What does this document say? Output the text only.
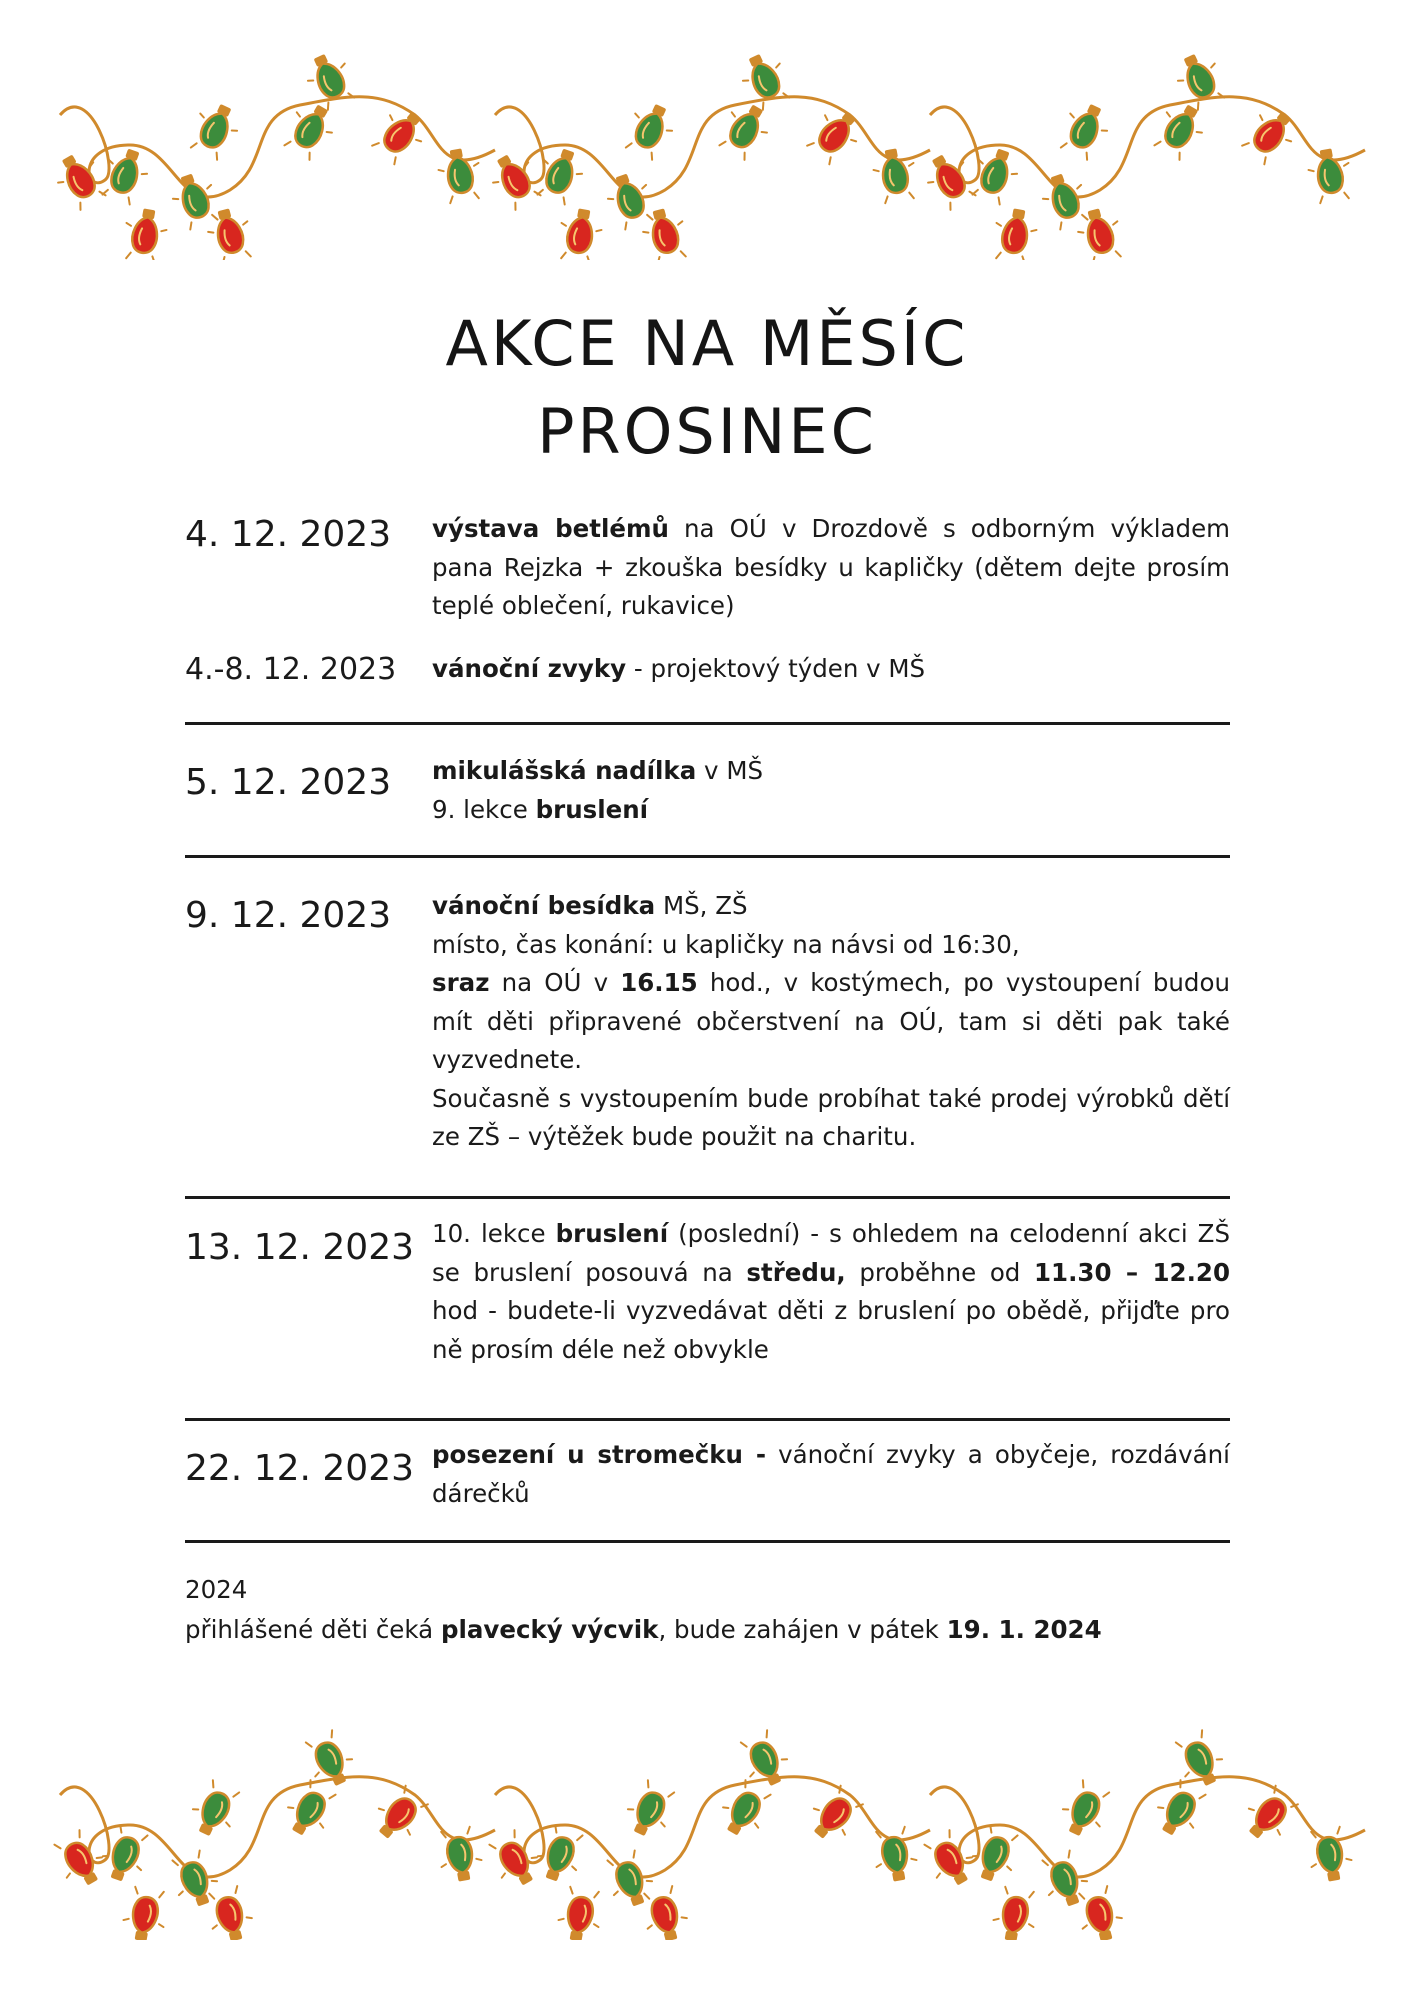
AKCE NA MĚSÍC
PROSINEC
4. 12. 2023 výstava betlémů na OÚ v Drozdově s odborným výkladem pana Rejzka + zkouška besídky u kapličky (dětem dejte prosím teplé oblečení, rukavice)

4.-8. 12. 2023 vánoční zvyky - projektový týden v MŠ

5. 12. 2023 mikulášská nadílka v MŠ

9. lekce bruslení

9. 12. 2023 vánoční besídka MŠ, ZŠ

místo, čas konání: u kapličky na návsi od 16:30,

sraz na OÚ v 16.15 hod., v kostýmech, po vystoupení budou mít děti připravené občerstvení na OÚ, tam si děti pak také vyzvednete.

Současně s vystoupením bude probíhat také prodej výrobků dětí ze ZŠ – výtěžek bude použit na charitu.

13. 12. 2023 10. lekce bruslení (poslední) - s ohledem na celodenní akci ZŠ se bruslení posouvá na středu, proběhne od 11.30 – 12.20 hod - budete-li vyzvedávat děti z bruslení po obědě, přijďte pro ně prosím déle než obvykle

22. 12. 2023 posezení u stromečku - vánoční zvyky a obyčeje, rozdávání dárečků

2024
přihlášené děti čeká plavecký výcvik, bude zahájen v pátek 19. 1. 2024
